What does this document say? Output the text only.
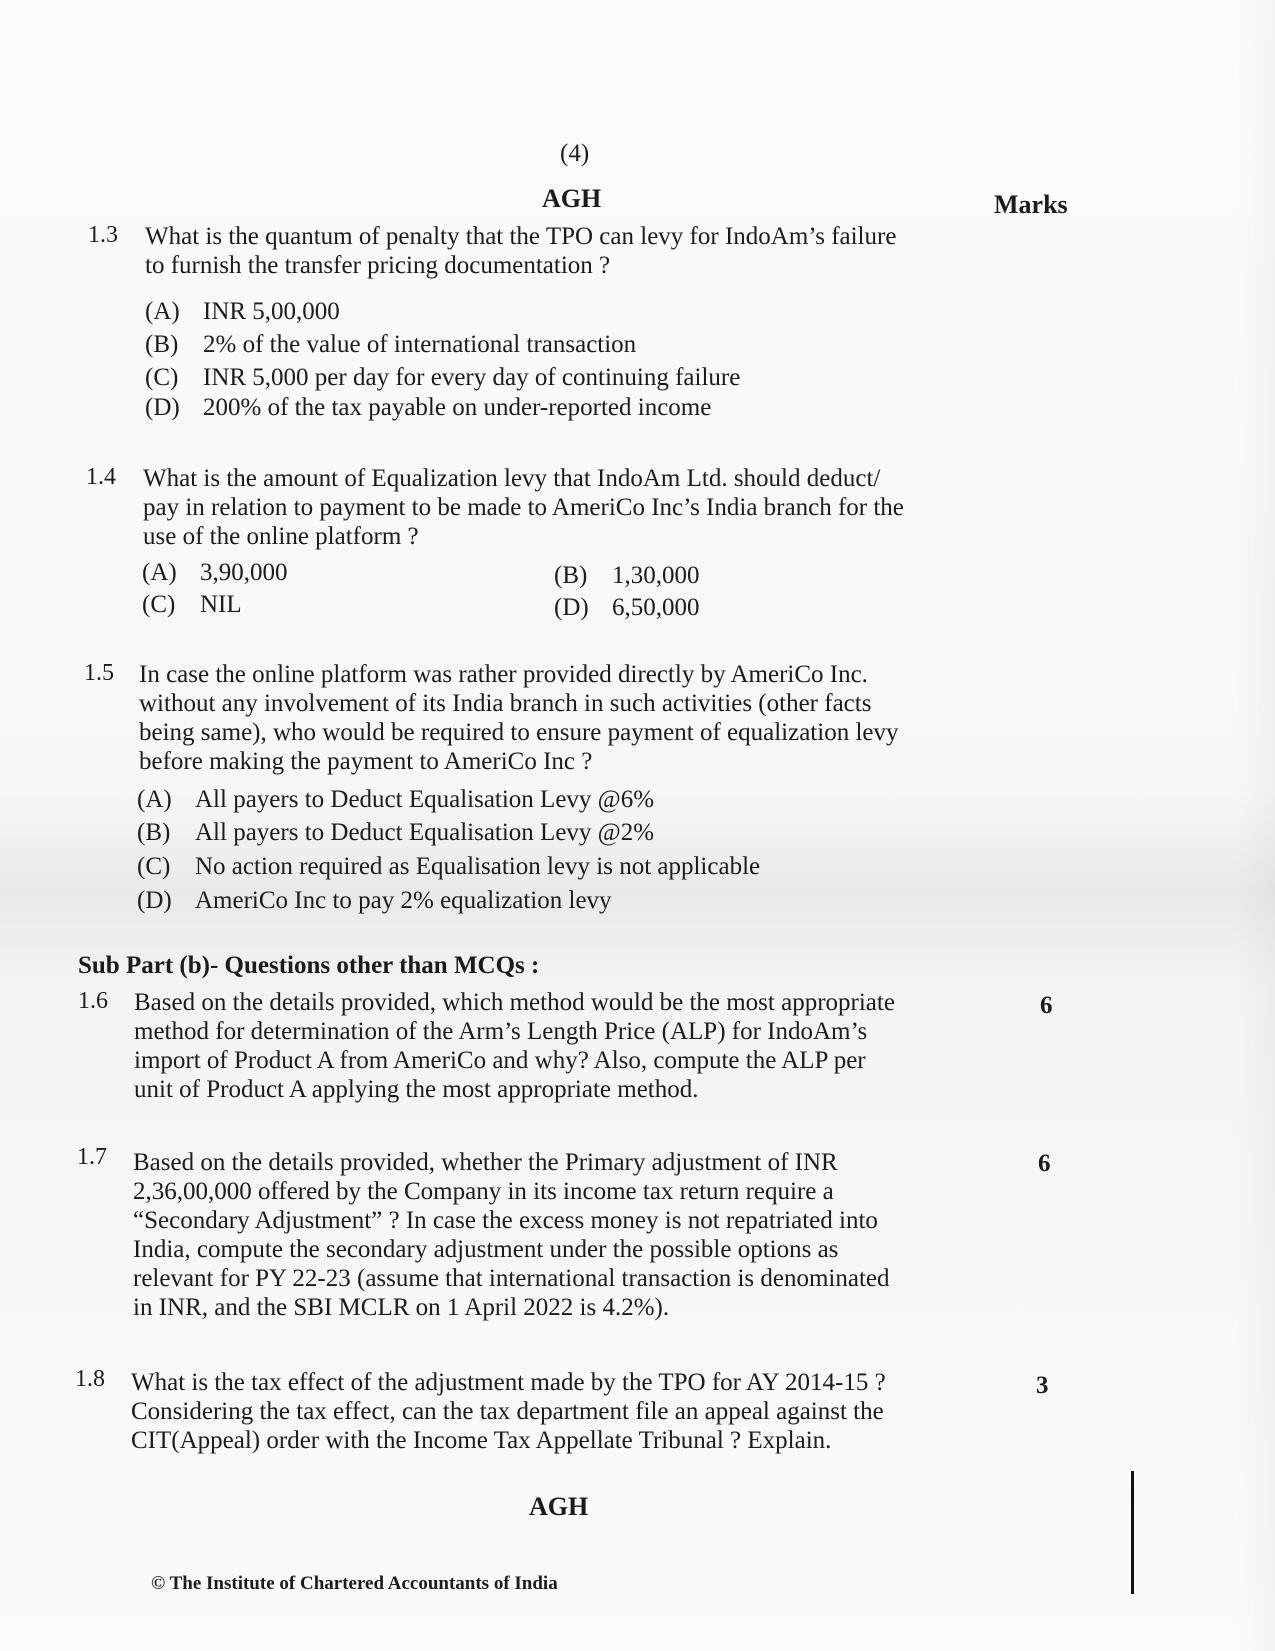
(4)
AGH	Marks
1.3 What is the quantum of penalty that the TPO can levy for IndoAm’s failure
to furnish the transfer pricing documentation ?
(A) INR 5,00,000
(B) 2% of the value of international transaction
(C) INR 5,000 per day for every day of continuing failure
(D) 200% of the tax payable on under-reported income
1.4 What is the amount of Equalization levy that IndoAm Ltd. should deduct/
pay in relation to payment to be made to AmeriCo Inc’s India branch for the
use of the online platform ?
(A) 3,90,000	(B) 1,30,000
(C) NIL	(D) 6,50,000
1.5 In case the online platform was rather provided directly by AmeriCo Inc.
without any involvement of its India branch in such activities (other facts
being same), who would be required to ensure payment of equalization levy
before making the payment to AmeriCo Inc ?
(A) All payers to Deduct Equalisation Levy @6%
(B) All payers to Deduct Equalisation Levy @2%
(C) No action required as Equalisation levy is not applicable
(D) AmeriCo Inc to pay 2% equalization levy
Sub Part (b)- Questions other than MCQs :
1.6 Based on the details provided, which method would be the most appropriate
method for determination of the Arm’s Length Price (ALP) for IndoAm’s
import of Product A from AmeriCo and why? Also, compute the ALP per
unit of Product A applying the most appropriate method.
6
1.7 Based on the details provided, whether the Primary adjustment of INR
2,36,00,000 offered by the Company in its income tax return require a
“Secondary Adjustment” ? In case the excess money is not repatriated into
India, compute the secondary adjustment under the possible options as
relevant for PY 22-23 (assume that international transaction is denominated
in INR, and the SBI MCLR on 1 April 2022 is 4.2%).
6
1.8 What is the tax effect of the adjustment made by the TPO for AY 2014-15 ?
Considering the tax effect, can the tax department file an appeal against the
CIT(Appeal) order with the Income Tax Appellate Tribunal ? Explain.
3
AGH
© The Institute of Chartered Accountants of India
